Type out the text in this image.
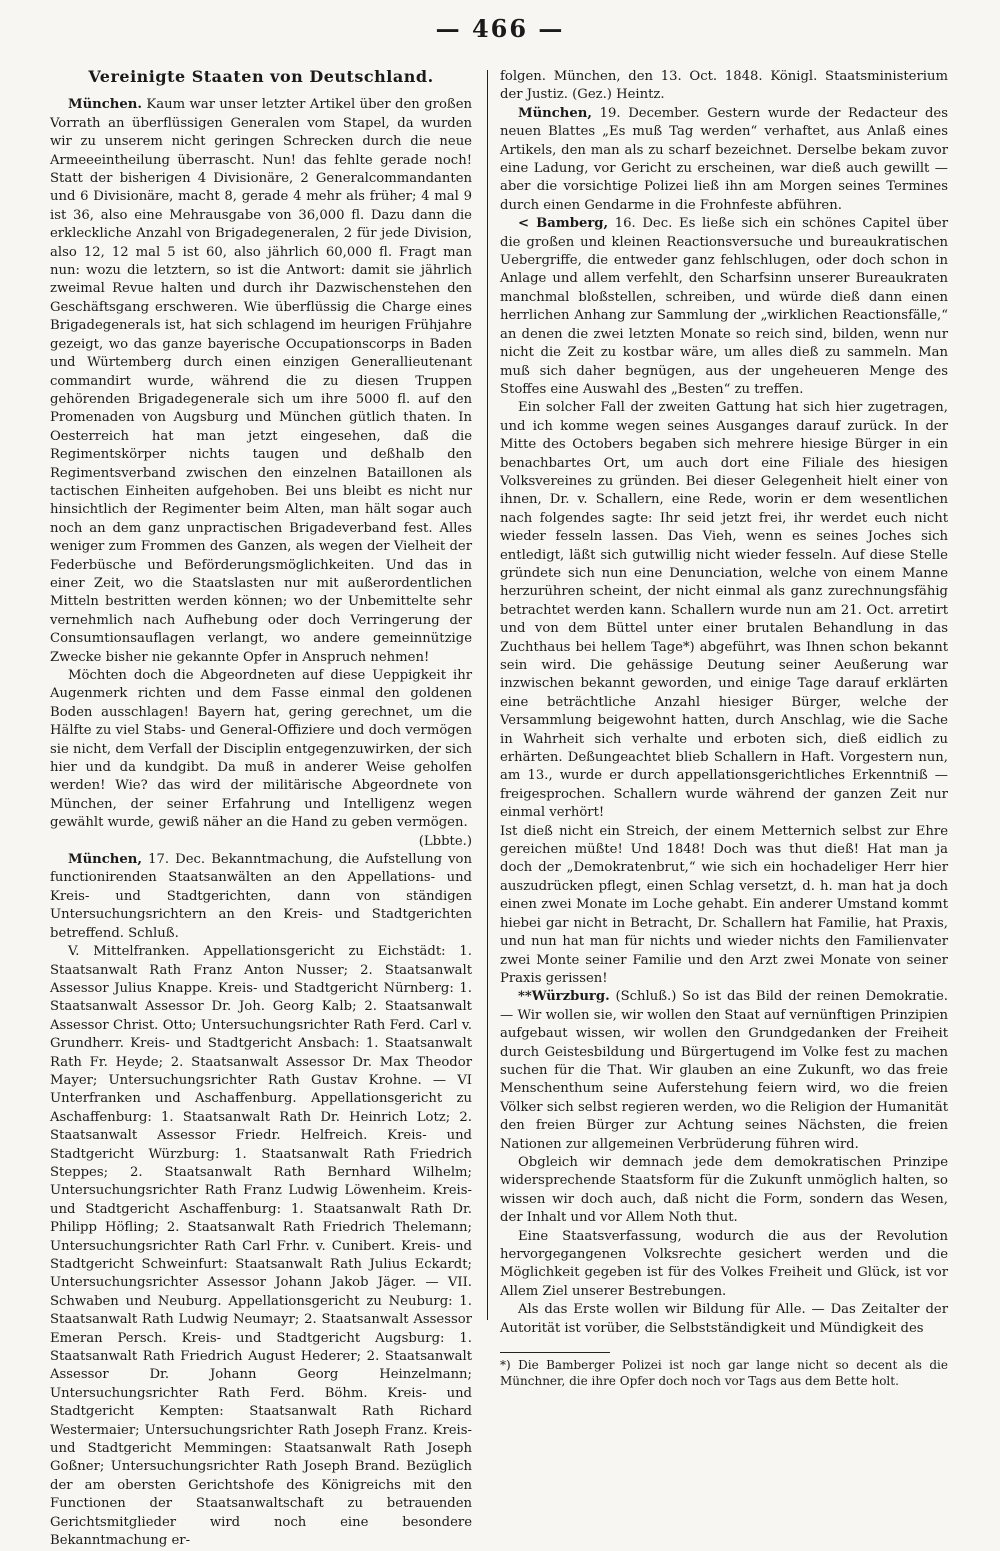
— 466 —
Vereinigte Staaten von Deutschland.

München. Kaum war unser letzter Artikel über den großen Vorrath an überflüssigen Generalen vom Stapel, da wurden wir zu unserem nicht geringen Schrecken durch die neue Armeeeintheilung überrascht. Nun! das fehlte gerade noch! Statt der bisherigen 4 Divisionäre, 2 Generalcommandanten und 6 Divisionäre, macht 8, gerade 4 mehr als früher; 4 mal 9 ist 36, also eine Mehrausgabe von 36,000 fl. Dazu dann die erkleckliche Anzahl von Brigadegeneralen, 2 für jede Division, also 12, 12 mal 5 ist 60, also jährlich 60,000 fl. Fragt man nun: wozu die letztern, so ist die Antwort: damit sie jährlich zweimal Revue halten und durch ihr Dazwischenstehen den Geschäftsgang erschweren. Wie überflüssig die Charge eines Brigadegenerals ist, hat sich schlagend im heurigen Frühjahre gezeigt, wo das ganze bayerische Occupationscorps in Baden und Würtemberg durch einen einzigen Generallieutenant commandirt wurde, während die zu diesen Truppen gehörenden Brigadegenerale sich um ihre 5000 fl. auf den Promenaden von Augsburg und München gütlich thaten. In Oesterreich hat man jetzt eingesehen, daß die Regimentskörper nichts taugen und deßhalb den Regimentsverband zwischen den einzelnen Bataillonen als tactischen Einheiten aufgehoben. Bei uns bleibt es nicht nur hinsichtlich der Regimenter beim Alten, man hält sogar auch noch an dem ganz unpractischen Brigadeverband fest. Alles weniger zum Frommen des Ganzen, als wegen der Vielheit der Federbüsche und Beförderungsmöglichkeiten. Und das in einer Zeit, wo die Staatslasten nur mit außerordentlichen Mitteln bestritten werden können; wo der Unbemittelte sehr vernehmlich nach Aufhebung oder doch Verringerung der Consumtionsauflagen verlangt, wo andere gemeinnützige Zwecke bisher nie gekannte Opfer in Anspruch nehmen!

Möchten doch die Abgeordneten auf diese Ueppigkeit ihr Augenmerk richten und dem Fasse einmal den goldenen Boden ausschlagen! Bayern hat, gering gerechnet, um die Hälfte zu viel Stabs- und General-Offiziere und doch vermögen sie nicht, dem Verfall der Disciplin entgegenzuwirken, der sich hier und da kundgibt. Da muß in anderer Weise geholfen werden! Wie? das wird der militärische Abgeordnete von München, der seiner Erfahrung und Intelligenz wegen gewählt wurde, gewiß näher an die Hand zu geben vermögen.

(Lbbte.)

München, 17. Dec. Bekanntmachung, die Aufstellung von functionirenden Staatsanwälten an den Appellations- und Kreis- und Stadtgerichten, dann von ständigen Untersuchungsrichtern an den Kreis- und Stadtgerichten betreffend. Schluß.

V. Mittelfranken. Appellationsgericht zu Eichstädt: 1. Staatsanwalt Rath Franz Anton Nusser; 2. Staatsanwalt Assessor Julius Knappe. Kreis- und Stadtgericht Nürnberg: 1. Staatsanwalt Assessor Dr. Joh. Georg Kalb; 2. Staatsanwalt Assessor Christ. Otto; Untersuchungsrichter Rath Ferd. Carl v. Grundherr. Kreis- und Stadtgericht Ansbach: 1. Staatsanwalt Rath Fr. Heyde; 2. Staatsanwalt Assessor Dr. Max Theodor Mayer; Untersuchungsrichter Rath Gustav Krohne. — VI Unterfranken und Aschaffenburg. Appellationsgericht zu Aschaffenburg: 1. Staatsanwalt Rath Dr. Heinrich Lotz; 2. Staatsanwalt Assessor Friedr. Helfreich. Kreis- und Stadtgericht Würzburg: 1. Staatsanwalt Rath Friedrich Steppes; 2. Staatsanwalt Rath Bernhard Wilhelm; Untersuchungsrichter Rath Franz Ludwig Löwenheim. Kreis- und Stadtgericht Aschaffenburg: 1. Staatsanwalt Rath Dr. Philipp Höfling; 2. Staatsanwalt Rath Friedrich Thelemann; Untersuchungsrichter Rath Carl Frhr. v. Cunibert. Kreis- und Stadtgericht Schweinfurt: Staatsanwalt Rath Julius Eckardt; Untersuchungsrichter Assessor Johann Jakob Jäger. — VII. Schwaben und Neuburg. Appellationsgericht zu Neuburg: 1. Staatsanwalt Rath Ludwig Neumayr; 2. Staatsanwalt Assessor Emeran Persch. Kreis- und Stadtgericht Augsburg: 1. Staatsanwalt Rath Friedrich August Hederer; 2. Staatsanwalt Assessor Dr. Johann Georg Heinzelmann; Untersuchungsrichter Rath Ferd. Böhm. Kreis- und Stadtgericht Kempten: Staatsanwalt Rath Richard Westermaier; Untersuchungsrichter Rath Joseph Franz. Kreis- und Stadtgericht Memmingen: Staatsanwalt Rath Joseph Goßner; Untersuchungsrichter Rath Joseph Brand. Bezüglich der am obersten Gerichtshofe des Königreichs mit den Functionen der Staatsanwaltschaft zu betrauenden Gerichtsmitglieder wird noch eine besondere Bekanntmachung er-

folgen. München, den 13. Oct. 1848. Königl. Staatsministerium der Justiz. (Gez.) Heintz.

München, 19. December. Gestern wurde der Redacteur des neuen Blattes „Es muß Tag werden“ verhaftet, aus Anlaß eines Artikels, den man als zu scharf bezeichnet. Derselbe bekam zuvor eine Ladung, vor Gericht zu erscheinen, war dieß auch gewillt — aber die vorsichtige Polizei ließ ihn am Morgen seines Termines durch einen Gendarme in die Frohnfeste abführen.

< Bamberg, 16. Dec. Es ließe sich ein schönes Capitel über die großen und kleinen Reactionsversuche und bureaukratischen Uebergriffe, die entweder ganz fehlschlugen, oder doch schon in Anlage und allem verfehlt, den Scharfsinn unserer Bureaukraten manchmal bloßstellen, schreiben, und würde dieß dann einen herrlichen Anhang zur Sammlung der „wirklichen Reactionsfälle,“ an denen die zwei letzten Monate so reich sind, bilden, wenn nur nicht die Zeit zu kostbar wäre, um alles dieß zu sammeln. Man muß sich daher begnügen, aus der ungeheueren Menge des Stoffes eine Auswahl des „Besten“ zu treffen.

Ein solcher Fall der zweiten Gattung hat sich hier zugetragen, und ich komme wegen seines Ausganges darauf zurück. In der Mitte des Octobers begaben sich mehrere hiesige Bürger in ein benachbartes Ort, um auch dort eine Filiale des hiesigen Volksvereines zu gründen. Bei dieser Gelegenheit hielt einer von ihnen, Dr. v. Schallern, eine Rede, worin er dem wesentlichen nach folgendes sagte: Ihr seid jetzt frei, ihr werdet euch nicht wieder fesseln lassen. Das Vieh, wenn es seines Joches sich entledigt, läßt sich gutwillig nicht wieder fesseln. Auf diese Stelle gründete sich nun eine Denunciation, welche von einem Manne herzurühren scheint, der nicht einmal als ganz zurechnungsfähig betrachtet werden kann. Schallern wurde nun am 21. Oct. arretirt und von dem Büttel unter einer brutalen Behandlung in das Zuchthaus bei hellem Tage*) abgeführt, was Ihnen schon bekannt sein wird. Die gehässige Deutung seiner Aeußerung war inzwischen bekannt geworden, und einige Tage darauf erklärten eine beträchtliche Anzahl hiesiger Bürger, welche der Versammlung beigewohnt hatten, durch Anschlag, wie die Sache in Wahrheit sich verhalte und erboten sich, dieß eidlich zu erhärten. Deßungeachtet blieb Schallern in Haft. Vorgestern nun, am 13., wurde er durch appellationsgerichtliches Erkenntniß — freigesprochen. Schallern wurde während der ganzen Zeit nur einmal verhört!

Ist dieß nicht ein Streich, der einem Metternich selbst zur Ehre gereichen müßte! Und 1848! Doch was thut dieß! Hat man ja doch der „Demokratenbrut,“ wie sich ein hochadeliger Herr hier auszudrücken pflegt, einen Schlag versetzt, d. h. man hat ja doch einen zwei Monate im Loche gehabt. Ein anderer Umstand kommt hiebei gar nicht in Betracht, Dr. Schallern hat Familie, hat Praxis, und nun hat man für nichts und wieder nichts den Familienvater zwei Monte seiner Familie und den Arzt zwei Monate von seiner Praxis gerissen!

**Würzburg. (Schluß.) So ist das Bild der reinen Demokratie. — Wir wollen sie, wir wollen den Staat auf vernünftigen Prinzipien aufgebaut wissen, wir wollen den Grundgedanken der Freiheit durch Geistesbildung und Bürgertugend im Volke fest zu machen suchen für die That. Wir glauben an eine Zukunft, wo das freie Menschenthum seine Auferstehung feiern wird, wo die freien Völker sich selbst regieren werden, wo die Religion der Humanität den freien Bürger zur Achtung seines Nächsten, die freien Nationen zur allgemeinen Verbrüderung führen wird.

Obgleich wir demnach jede dem demokratischen Prinzipe widersprechende Staatsform für die Zukunft unmöglich halten, so wissen wir doch auch, daß nicht die Form, sondern das Wesen, der Inhalt und vor Allem Noth thut.

Eine Staatsverfassung, wodurch die aus der Revolution hervorgegangenen Volksrechte gesichert werden und die Möglichkeit gegeben ist für des Volkes Freiheit und Glück, ist vor Allem Ziel unserer Bestrebungen.

Als das Erste wollen wir Bildung für Alle. — Das Zeitalter der Autorität ist vorüber, die Selbstständigkeit und Mündigkeit des

*) Die Bamberger Polizei ist noch gar lange nicht so decent als die Münchner, die ihre Opfer doch noch vor Tags aus dem Bette holt.
